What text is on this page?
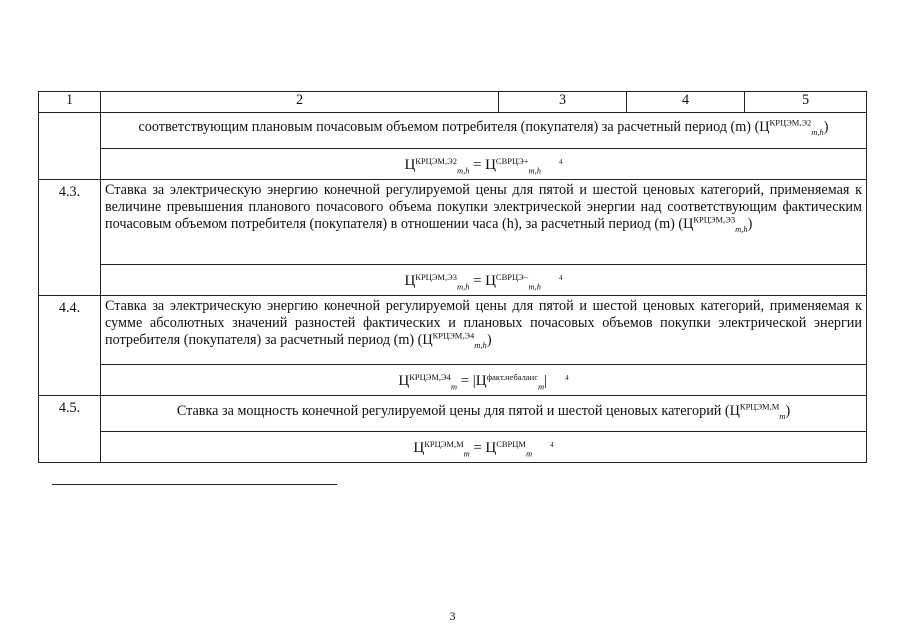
1	2	3	4	5
	соответствующим плановым почасовым объемом потребителя (покупателя) за расчетный период (m) $(Ц^{КРЦЭМ,Э2}_{m,h})$			
	$Ц^{КРЦЭМ,Э2}_{m,h} = Ц^{СВРЦЭ+}_{m,h}^4$
4.3.	Ставка за электрическую энергию конечной регулируемой цены для пятой и шестой ценовых категорий, применяемая к величине превышения планового почасового объема покупки электрической энергии над соответствующим фактическим почасовым объемом потребителя (покупателя) в отношении часа (h), за расчетный период (m) $(Ц^{КРЦЭМ,Э3}_{m,h})$			
	$Ц^{КРЦЭМ,Э3}_{m,h} = Ц^{СВРЦЭ-}_{m,h}^4$
4.4.	Ставка за электрическую энергию конечной регулируемой цены для пятой и шестой ценовых категорий, применяемая к сумме абсолютных значений разностей фактических и плановых почасовых объемов покупки электрической энергии потребителя (покупателя) за расчетный период (m) $(Ц^{КРЦЭМ,Э4}_{m,h})$			
	$Ц^{КРЦЭМ,Э4}_m = |Ц^{факт.небаланс}_m|$ $^4$
4.5.	Ставка за мощность конечной регулируемой цены для пятой и шестой ценовых категорий $(Ц^{КРЦЭМ,М}_m)$			
	$Ц^{КРЦЭМ,М}_m = Ц^{СВРЦМ}_m^4$
3
